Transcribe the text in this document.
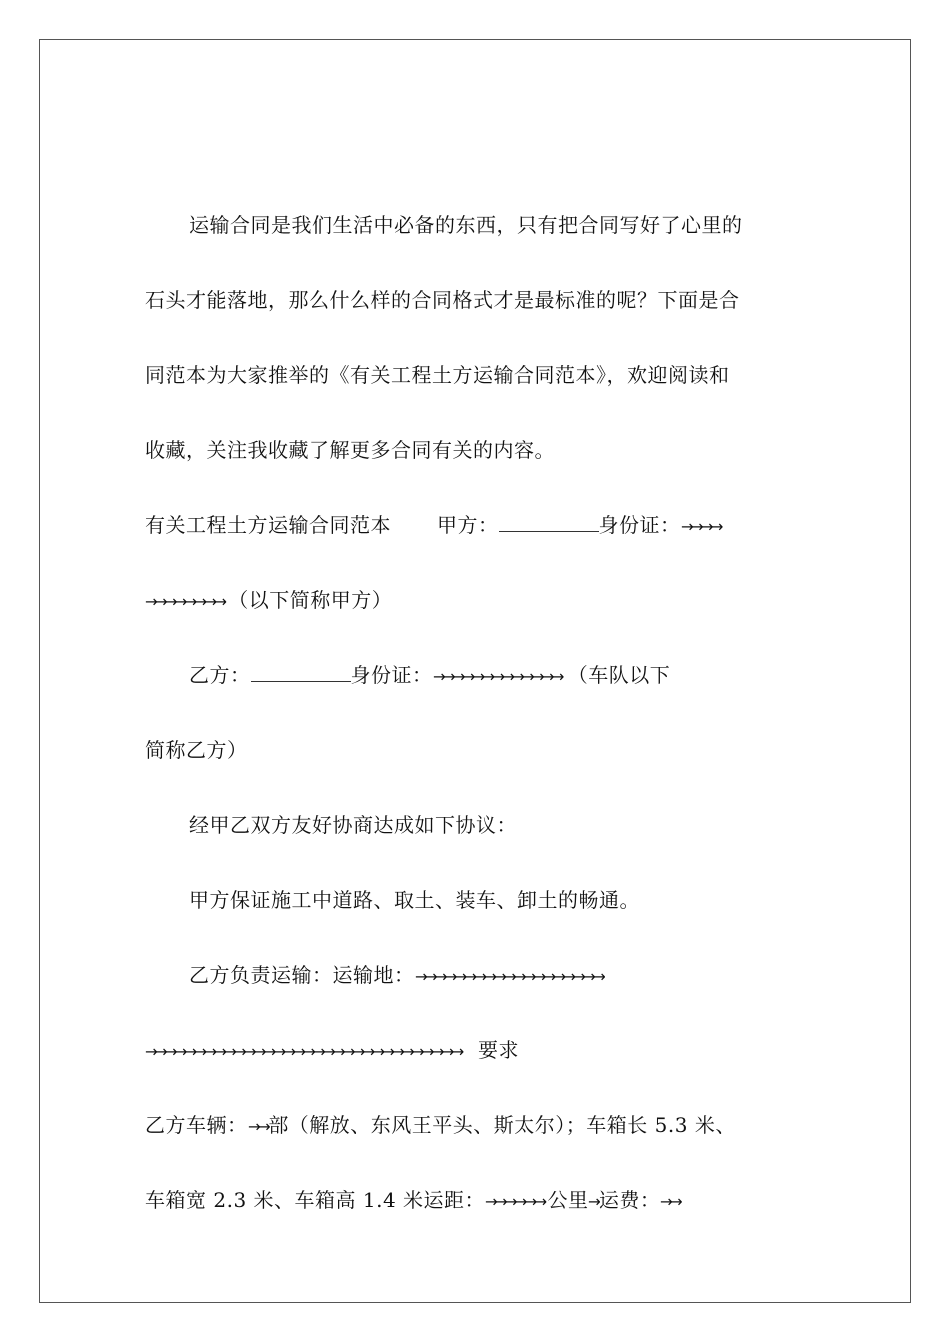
运输合同是我们生活中必备的东西，只有把合同写好了心里的
石头才能落地，那么什么样的合同格式才是最标准的呢？下面是合
同范本为大家推举的《有关工程土方运输合同范本》，欢迎阅读和
收藏，关注我收藏了解更多合同有关的内容。
有关工程土方运输合同范本 甲方：	身份证：→→→→
→→→→→→→→ （以下简称甲方）
乙方：	身份证：→→→→→→→→→→→→→ （车队以下
简称乙方）
经甲乙双方友好协商达成如下协议：
甲方保证施工中道路、取土、装车、卸土的畅通。
乙方负责运输：运输地：→→→→→→→→→→→→→→→→→→→
→→→→→→→→→→→→→→→→→→→→→→→→→→→→→→→→ 要求
乙方车辆：→→部（解放、东风王平头、斯太尔）；车箱长 5.3 米、
车箱宽 2.3 米、车箱高 1.4 米运距：→→→→→→ 公里→运费：→→
